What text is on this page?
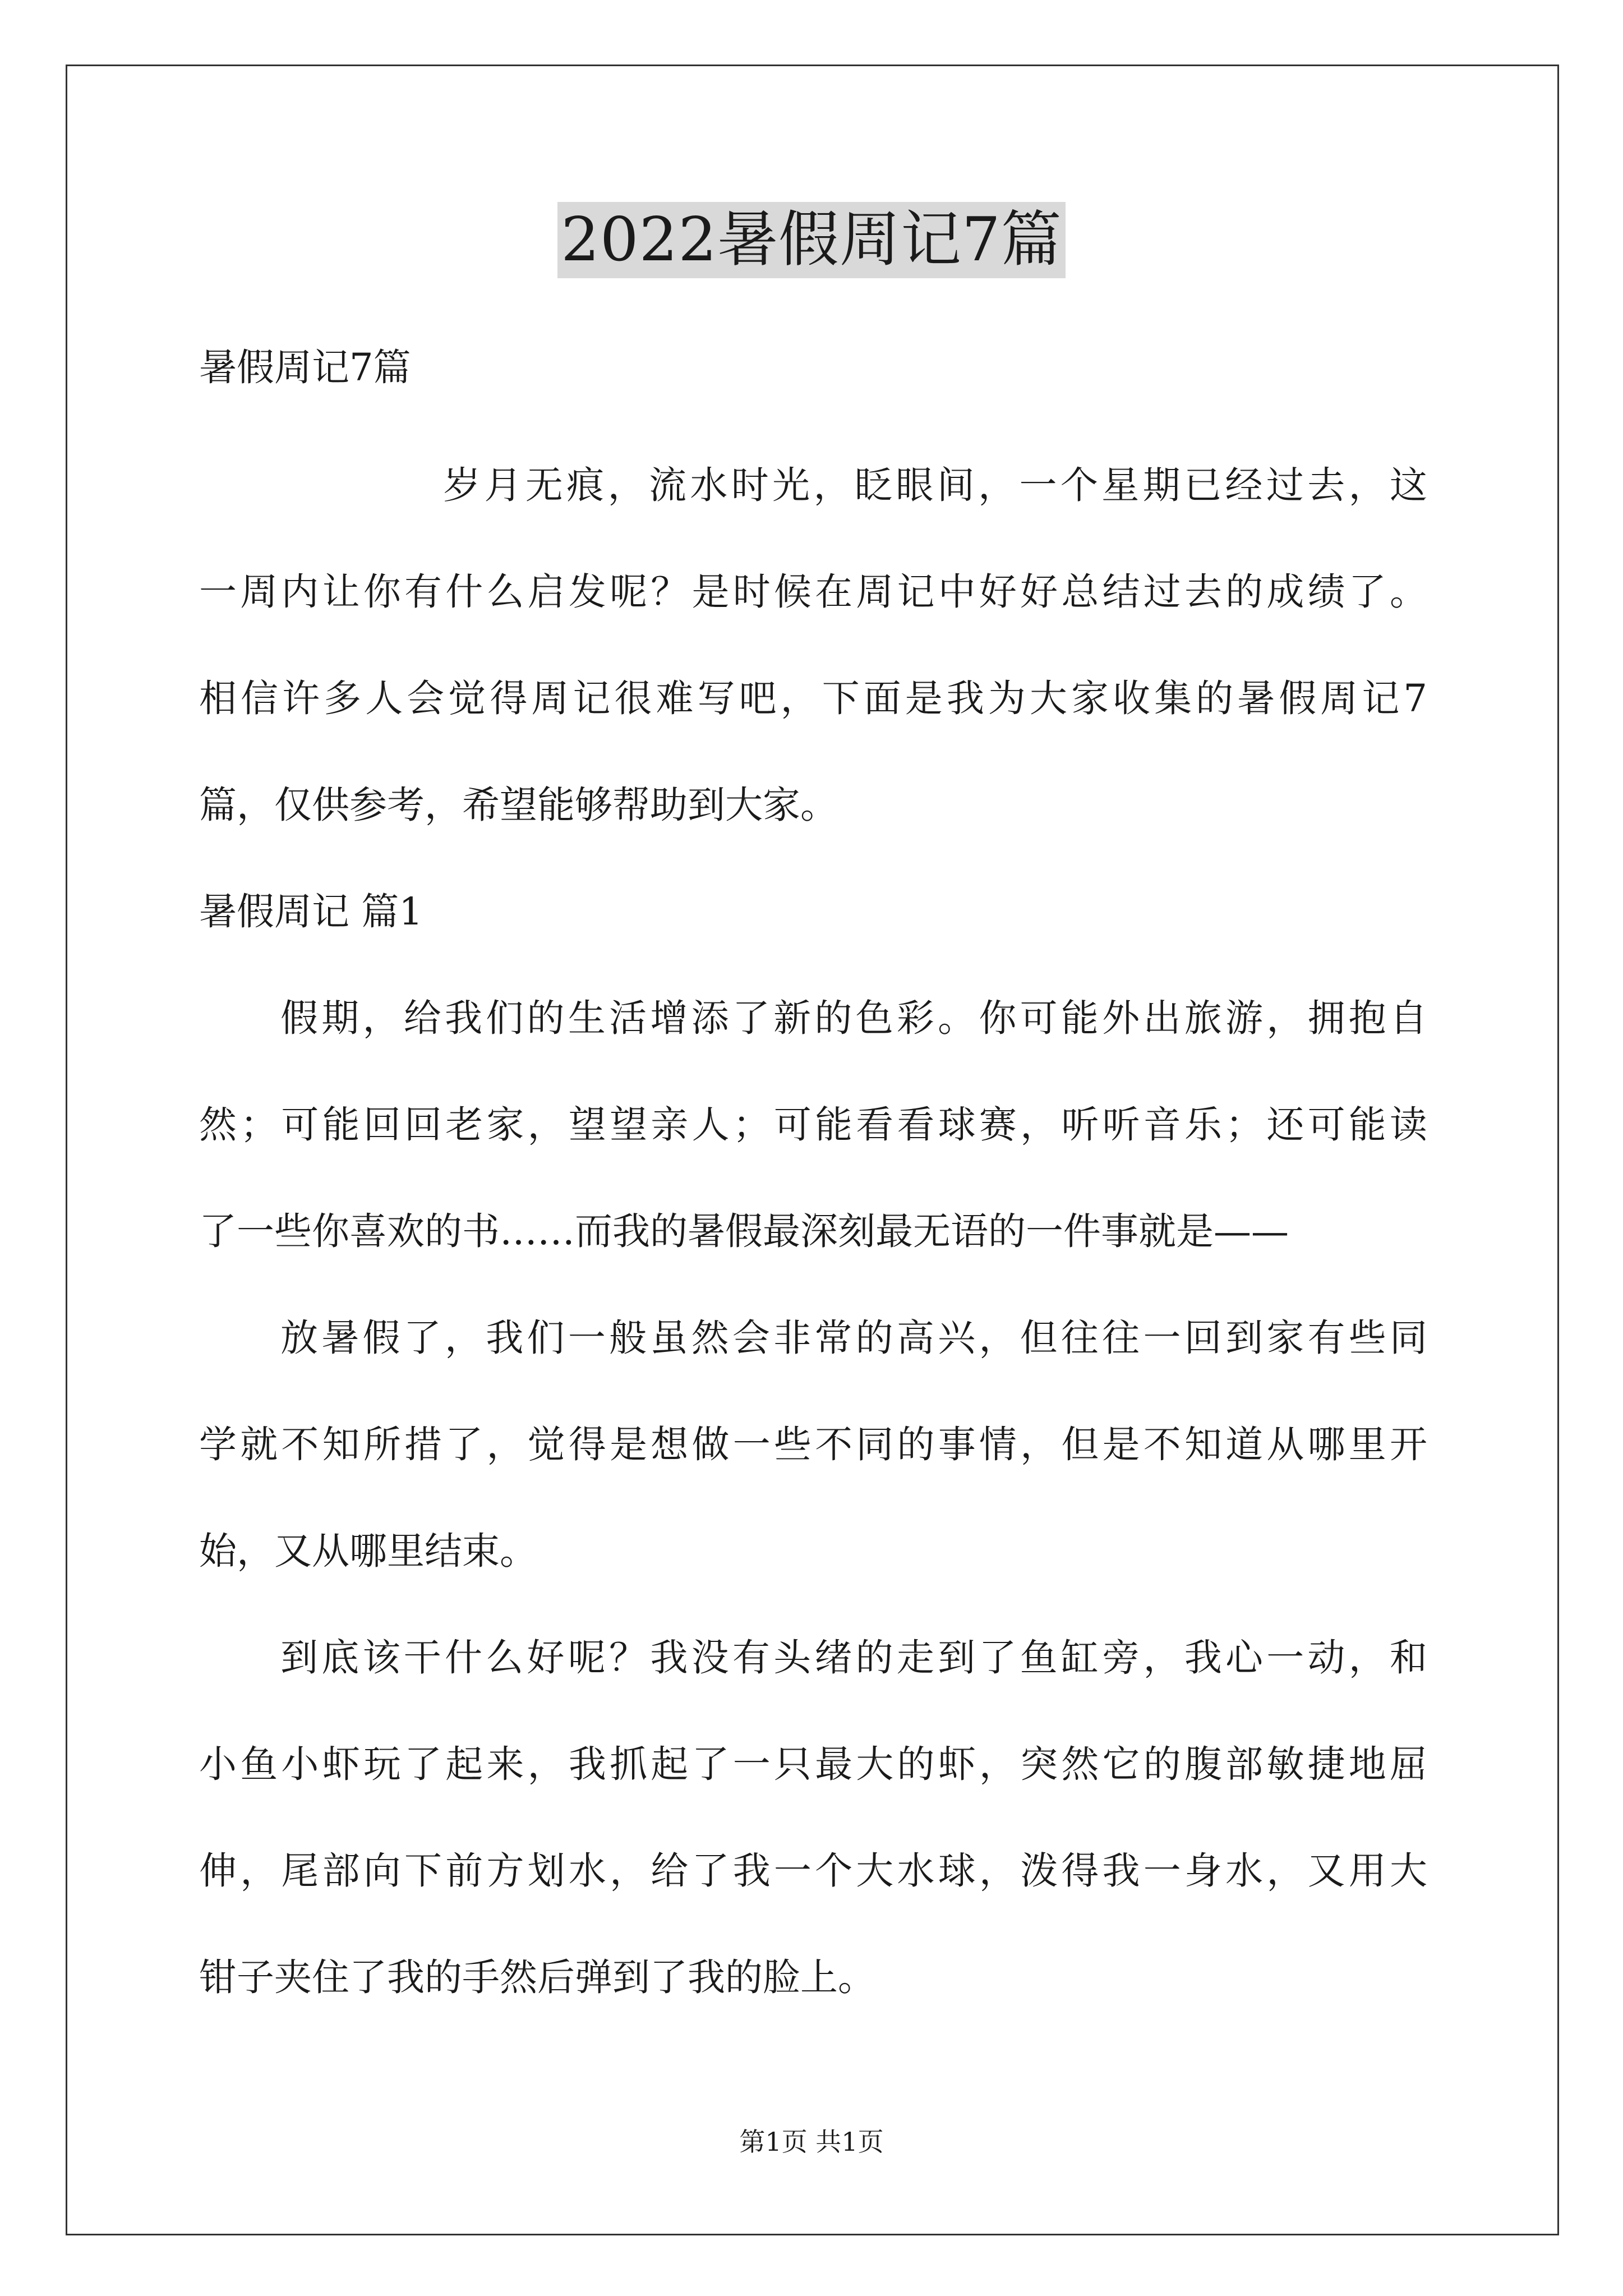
2022暑假周记7篇
暑假周记7篇
岁月无痕，流水时光，眨眼间，一个星期已经过去，这
一周内让你有什么启发呢？是时候在周记中好好总结过去的成绩了。
相信许多人会觉得周记很难写吧，下面是我为大家收集的暑假周记7
篇，仅供参考，希望能够帮助到大家。
暑假周记 篇1
假期，给我们的生活增添了新的色彩。你可能外出旅游，拥抱自
然；可能回回老家，望望亲人；可能看看球赛，听听音乐；还可能读
了一些你喜欢的书……而我的暑假最深刻最无语的一件事就是——
放暑假了，我们一般虽然会非常的高兴，但往往一回到家有些同
学就不知所措了，觉得是想做一些不同的事情，但是不知道从哪里开
始，又从哪里结束。
到底该干什么好呢？我没有头绪的走到了鱼缸旁，我心一动，和
小鱼小虾玩了起来，我抓起了一只最大的虾，突然它的腹部敏捷地屈
伸，尾部向下前方划水，给了我一个大水球，泼得我一身水，又用大
钳子夹住了我的手然后弹到了我的脸上。
第1页 共1页
